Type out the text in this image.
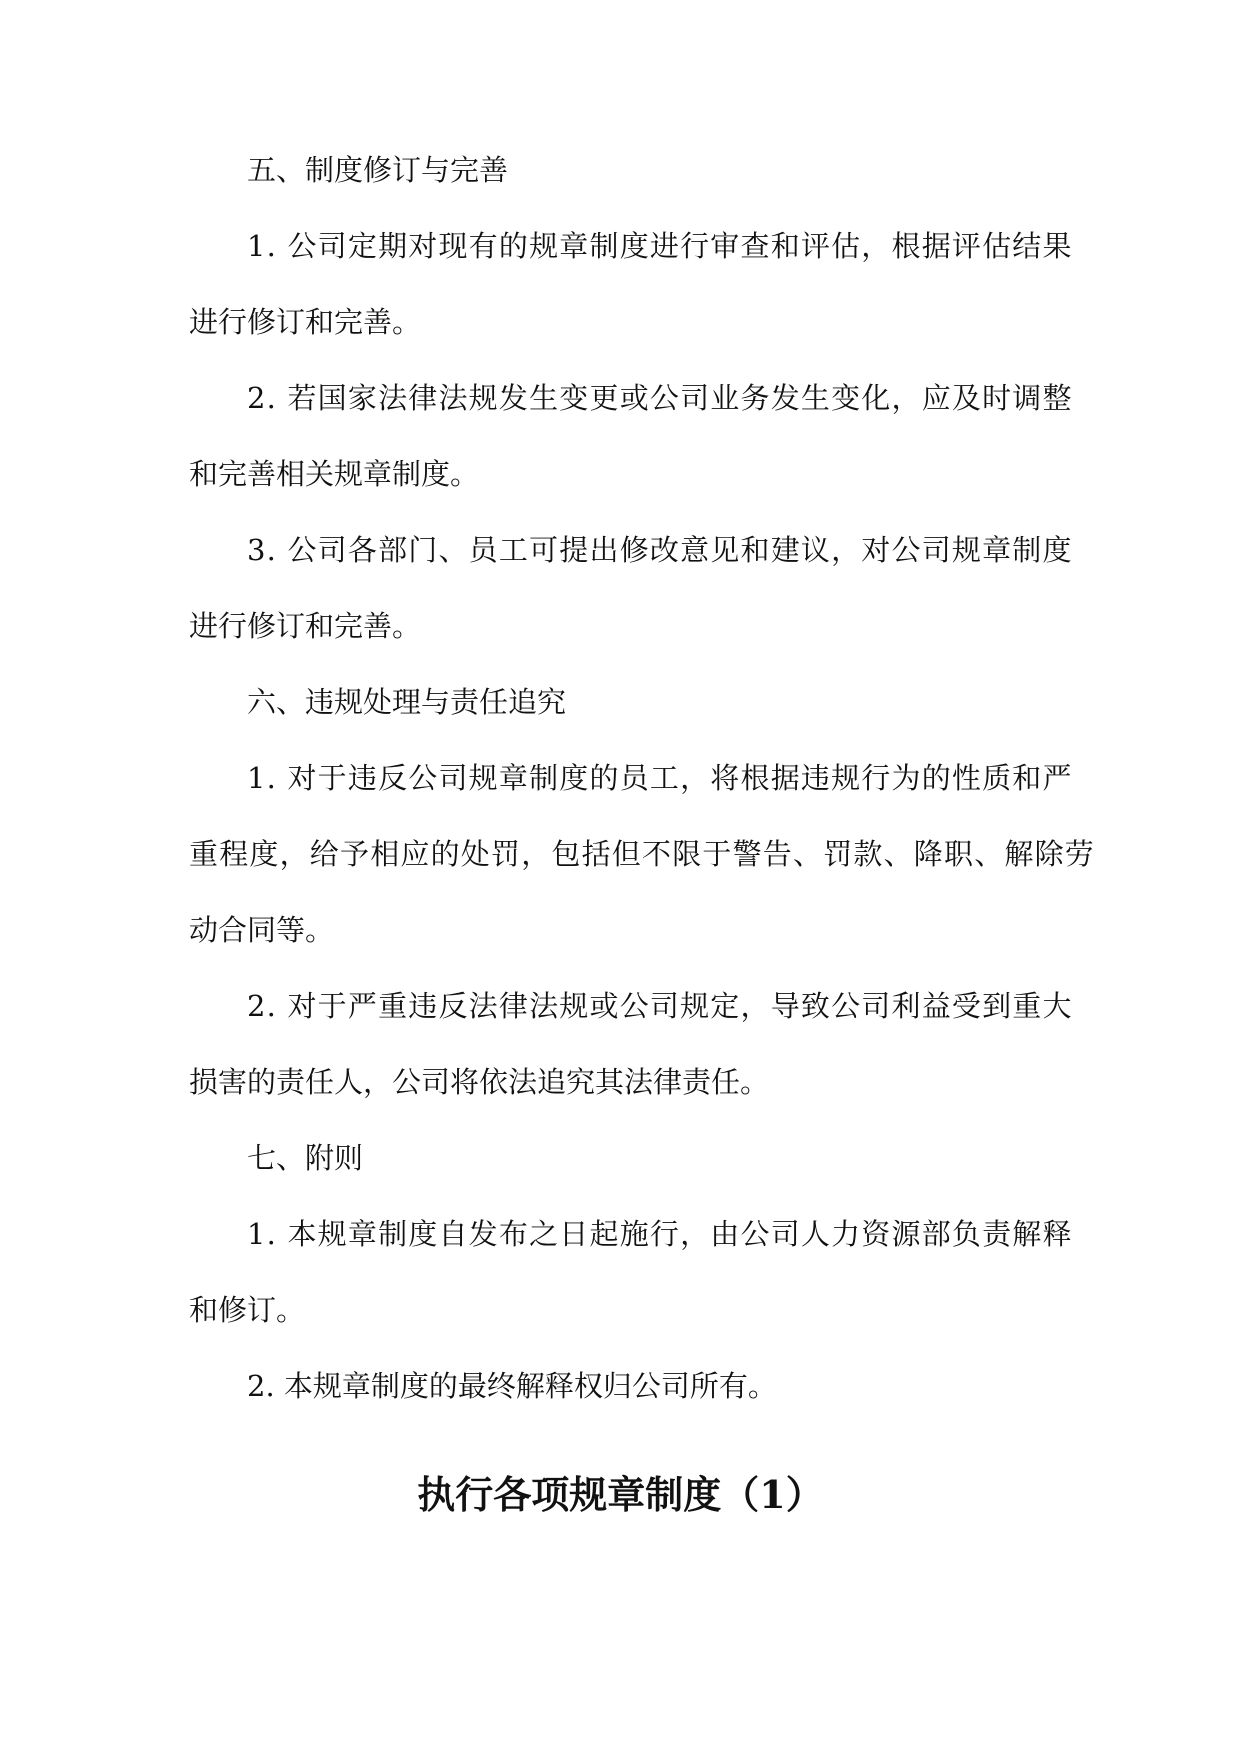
五、制度修订与完善
1. 公司定期对现有的规章制度进行审查和评估，根据评估结果
进行修订和完善。
2. 若国家法律法规发生变更或公司业务发生变化，应及时调整
和完善相关规章制度。
3. 公司各部门、员工可提出修改意见和建议，对公司规章制度
进行修订和完善。
六、违规处理与责任追究
1. 对于违反公司规章制度的员工，将根据违规行为的性质和严
重程度，给予相应的处罚，包括但不限于警告、罚款、降职、解除劳
动合同等。
2. 对于严重违反法律法规或公司规定，导致公司利益受到重大
损害的责任人，公司将依法追究其法律责任。
七、附则
1. 本规章制度自发布之日起施行，由公司人力资源部负责解释
和修订。
2. 本规章制度的最终解释权归公司所有。
执行各项规章制度（1）
